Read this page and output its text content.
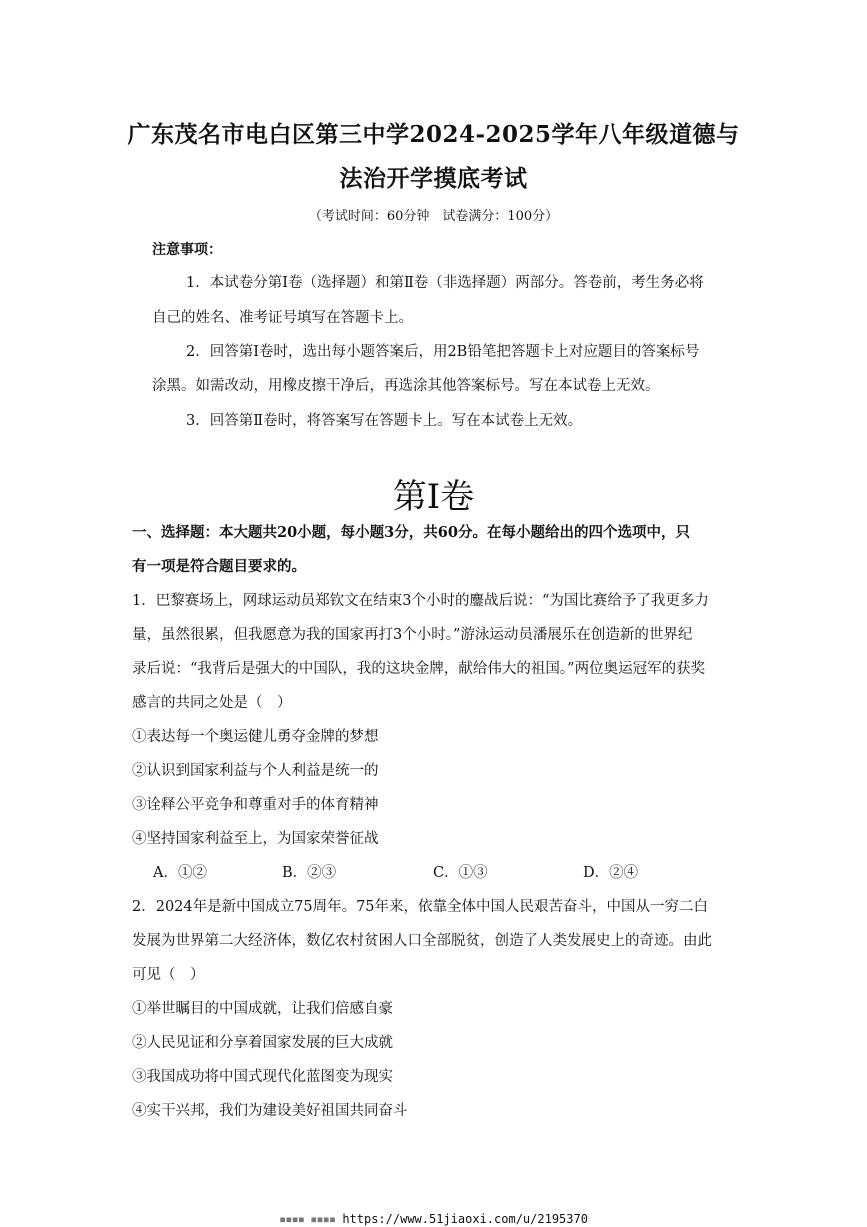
广东茂名市电白区第三中学2024-2025学年八年级道德与
法治开学摸底考试
（考试时间：60分钟　试卷满分：100分）
注意事项：
1．本试卷分第Ⅰ卷（选择题）和第Ⅱ卷（非选择题）两部分。答卷前，考生务必将
自己的姓名、准考证号填写在答题卡上。
2．回答第Ⅰ卷时，选出每小题答案后，用2B铅笔把答题卡上对应题目的答案标号
涂黑。如需改动，用橡皮擦干净后，再选涂其他答案标号。写在本试卷上无效。
3．回答第Ⅱ卷时，将答案写在答题卡上。写在本试卷上无效。
第Ⅰ卷
一、选择题：本大题共20小题，每小题3分，共60分。在每小题给出的四个选项中，只
有一项是符合题目要求的。
1．巴黎赛场上，网球运动员郑钦文在结束3个小时的鏖战后说：“为国比赛给予了我更多力
量，虽然很累，但我愿意为我的国家再打3个小时。”游泳运动员潘展乐在创造新的世界纪
录后说：“我背后是强大的中国队，我的这块金牌，献给伟大的祖国。”两位奥运冠军的获奖
感言的共同之处是（　）
①表达每一个奥运健儿勇夺金牌的梦想
②认识到国家利益与个人利益是统一的
③诠释公平竞争和尊重对手的体育精神
④坚持国家利益至上，为国家荣誉征战
A．①②	B．②③	C．①③	D．②④
2．2024年是新中国成立75周年。75年来，依靠全体中国人民艰苦奋斗，中国从一穷二白
发展为世界第二大经济体，数亿农村贫困人口全部脱贫，创造了人类发展史上的奇迹。由此
可见（　）
①举世瞩目的中国成就，让我们倍感自豪
②人民见证和分享着国家发展的巨大成就
③我国成功将中国式现代化蓝图变为现实
④实干兴邦，我们为建设美好祖国共同奋斗
▪▪▪▪ ▪▪▪▪ https://www.51jiaoxi.com/u/2195370
